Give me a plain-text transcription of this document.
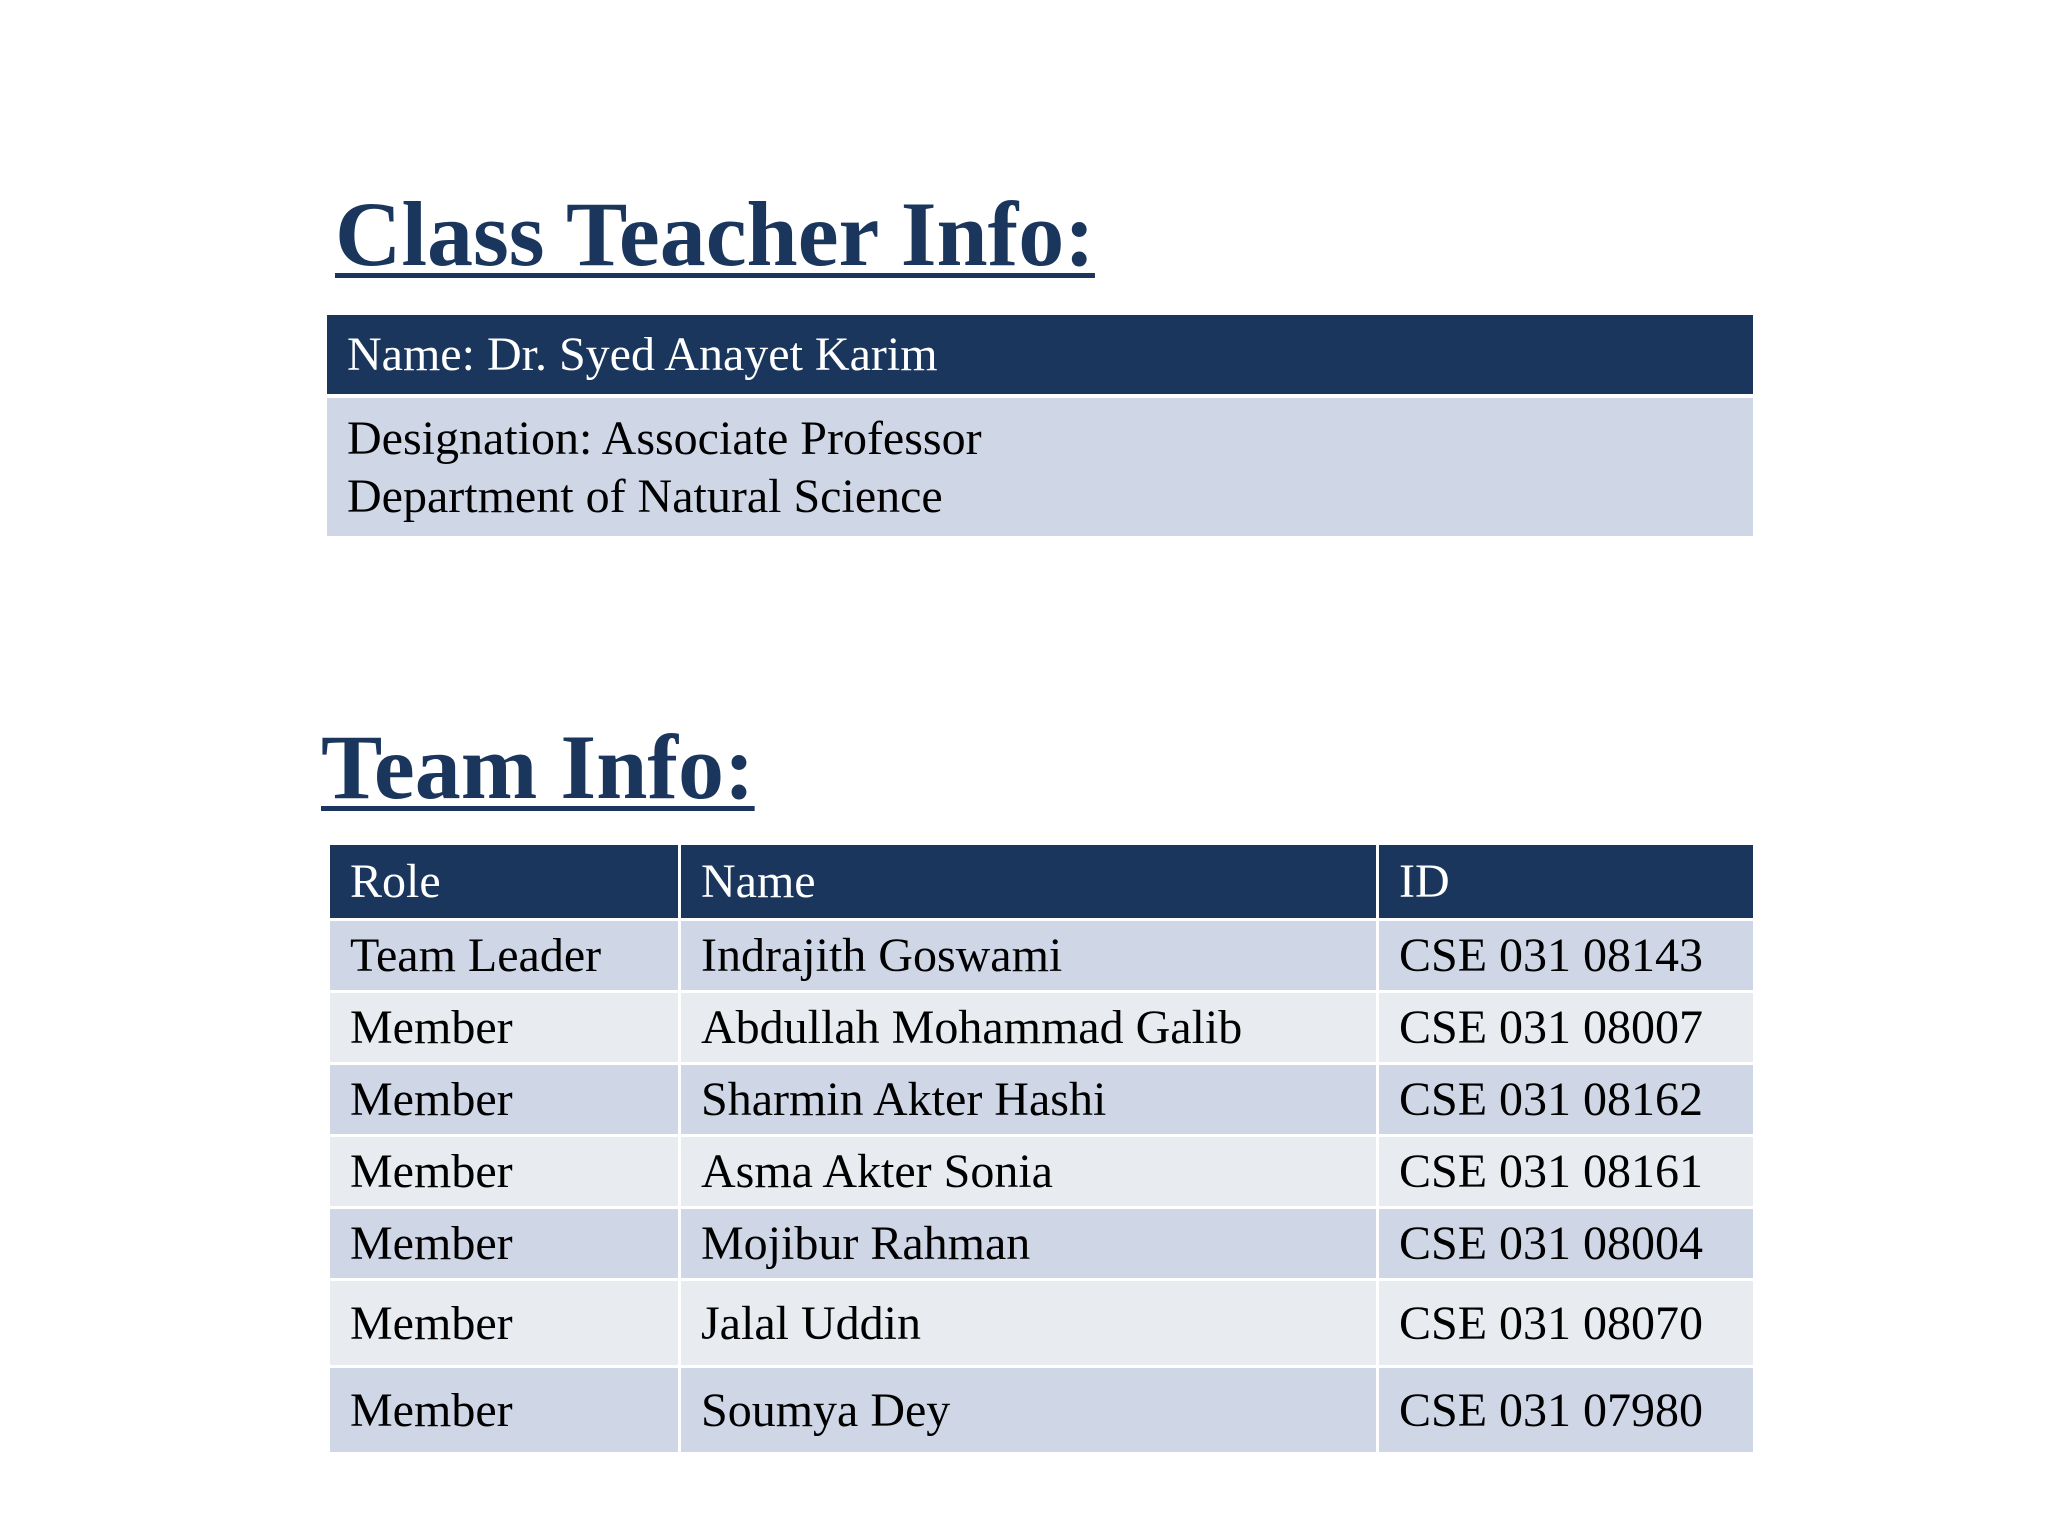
Class Teacher Info:
Name: Dr. Syed Anayet Karim
Designation: Associate Professor
Department of Natural Science
Team Info:
Role	Name	ID
Team Leader	Indrajith Goswami	CSE 031 08143
Member	Abdullah Mohammad Galib	CSE 031 08007
Member	Sharmin Akter Hashi	CSE 031 08162
Member	Asma Akter Sonia	CSE 031 08161
Member	Mojibur Rahman	CSE 031 08004
Member	Jalal Uddin	CSE 031 08070
Member	Soumya Dey	CSE 031 07980
